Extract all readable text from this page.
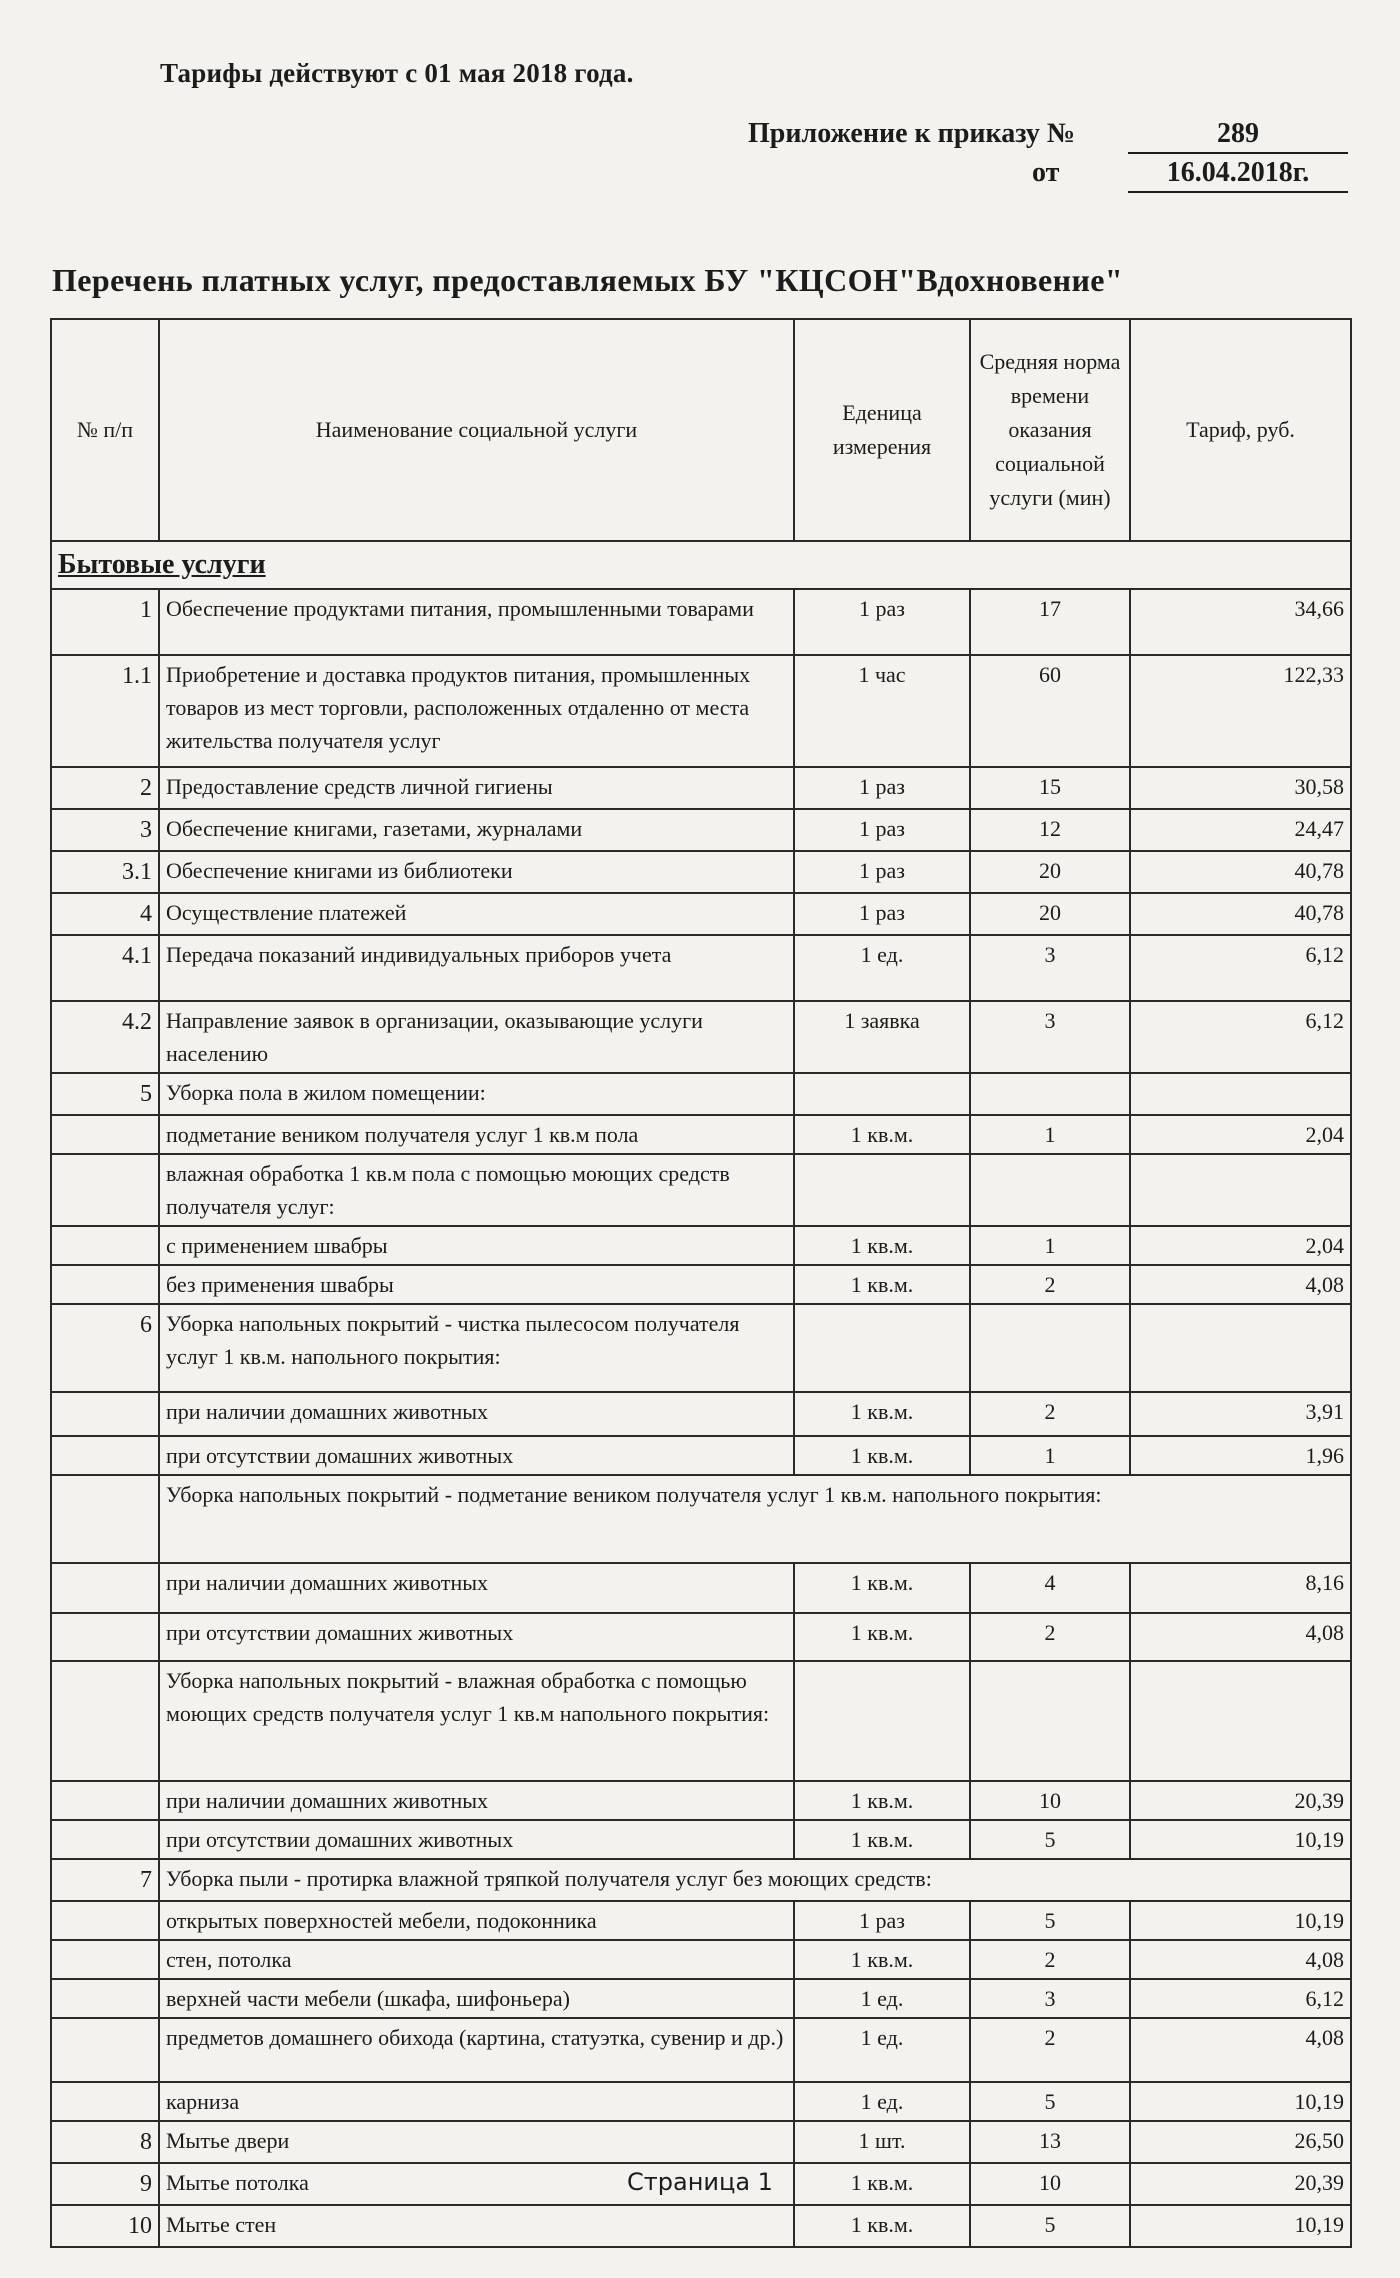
Тарифы действуют с 01 мая 2018 года.
Приложение к приказу №	289
от	16.04.2018г.
Перечень платных услуг, предоставляемых БУ "КЦСОН"Вдохновение"
№ п/п	Наименование социальной услуги	Еденица измерения	Средняя норма времени оказания социальной услуги (мин)	Тариф, руб.
Бытовые услуги				
1	Обеспечение продуктами питания, промышленными товарами	1 раз	17	34,66
1.1	Приобретение и доставка продуктов питания, промышленных товаров из мест торговли, расположенных отдаленно от места жительства получателя услуг	1 час	60	122,33
2	Предоставление средств личной гигиены	1 раз	15	30,58
3	Обеспечение книгами, газетами, журналами	1 раз	12	24,47
3.1	Обеспечение книгами из библиотеки	1 раз	20	40,78
4	Осуществление платежей	1 раз	20	40,78
4.1	Передача показаний индивидуальных приборов учета	1 ед.	3	6,12
4.2	Направление заявок в организации, оказывающие услуги населению	1 заявка	3	6,12
5	Уборка пола в жилом помещении:			
	подметание веником получателя услуг 1 кв.м пола	1 кв.м.	1	2,04
	влажная обработка 1 кв.м пола с помощью моющих средств получателя услуг:			
	с применением швабры	1 кв.м.	1	2,04
	без применения швабры	1 кв.м.	2	4,08
6	Уборка напольных покрытий - чистка пылесосом получателя услуг 1 кв.м. напольного покрытия:			
	при наличии домашних животных	1 кв.м.	2	3,91
	при отсутствии домашних животных	1 кв.м.	1	1,96
	Уборка напольных покрытий - подметание веником получателя услуг 1 кв.м. напольного покрытия:			
	при наличии домашних животных	1 кв.м.	4	8,16
	при отсутствии домашних животных	1 кв.м.	2	4,08
	Уборка напольных покрытий - влажная обработка с помощью моющих средств получателя услуг 1 кв.м напольного покрытия:			
	при наличии домашних животных	1 кв.м.	10	20,39
	при отсутствии домашних животных	1 кв.м.	5	10,19
7	Уборка пыли - протирка влажной тряпкой получателя услуг без моющих средств:			
	открытых поверхностей мебели, подоконника	1 раз	5	10,19
	стен, потолка	1 кв.м.	2	4,08
	верхней части мебели (шкафа, шифоньера)	1 ед.	3	6,12
	предметов домашнего обихода (картина, статуэтка, сувенир и др.)	1 ед.	2	4,08
	карниза	1 ед.	5	10,19
8	Мытье двери	1 шт.	13	26,50
9	Мытье потолка	1 кв.м.	10	20,39
10	Мытье стен	1 кв.м.	5	10,19
Страница 1
